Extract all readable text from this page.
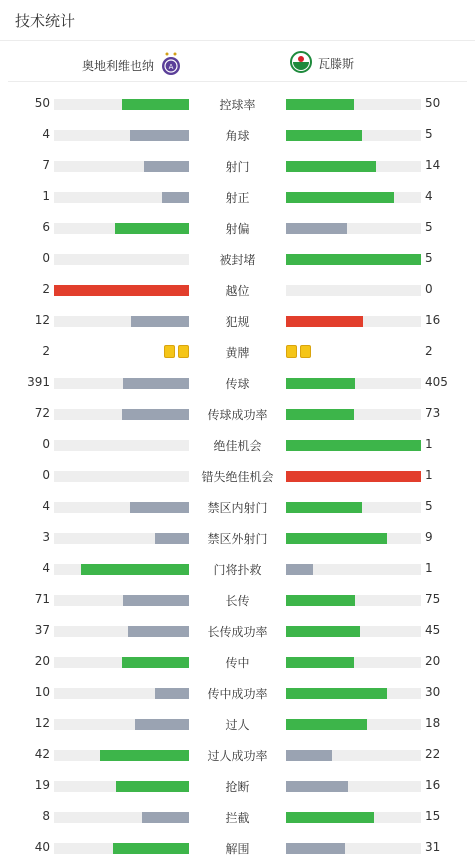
技术统计
奥地利维也纳 A	瓦滕斯
50	控球率	50
4	角球	5
7	射门	14
1	射正	4
6	射偏	5
0	被封堵	5
2	越位	0
12	犯规	16
2	黄牌	2
391	传球	405
72	传球成功率	73
0	绝佳机会	1
0	错失绝佳机会	1
4	禁区内射门	5
3	禁区外射门	9
4	门将扑救	1
71	长传	75
37	长传成功率	45
20	传中	20
10	传中成功率	30
12	过人	18
42	过人成功率	22
19	抢断	16
8	拦截	15
40	解围	31
